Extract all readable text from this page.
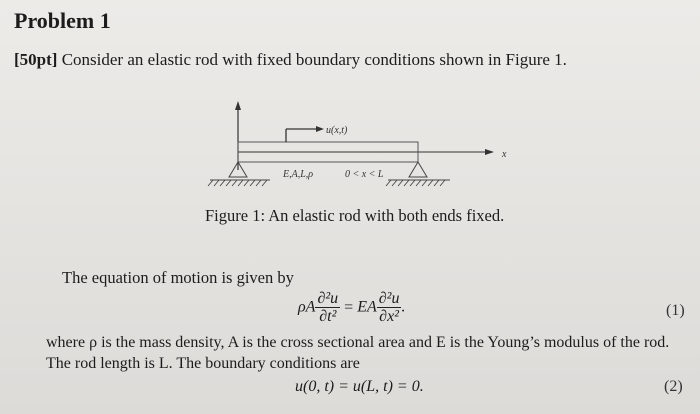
Problem 1
[50pt] Consider an elastic rod with fixed boundary conditions shown in Figure 1.
x
u(x,t)
E,A,L,ρ	0 < x < L
Figure 1: An elastic rod with both ends fixed.
The equation of motion is given by
ρA $\frac{\text{∂²u}}{\text{∂t²}}$ = EA $\frac{\text{∂²u}}{\text{∂x²}}$ .	(1)
where ρ is the mass density, A is the cross sectional area and E is the Young’s modulus of the rod.
The rod length is L. The boundary conditions are
u(0, t) = u(L, t) = 0.	(2)
